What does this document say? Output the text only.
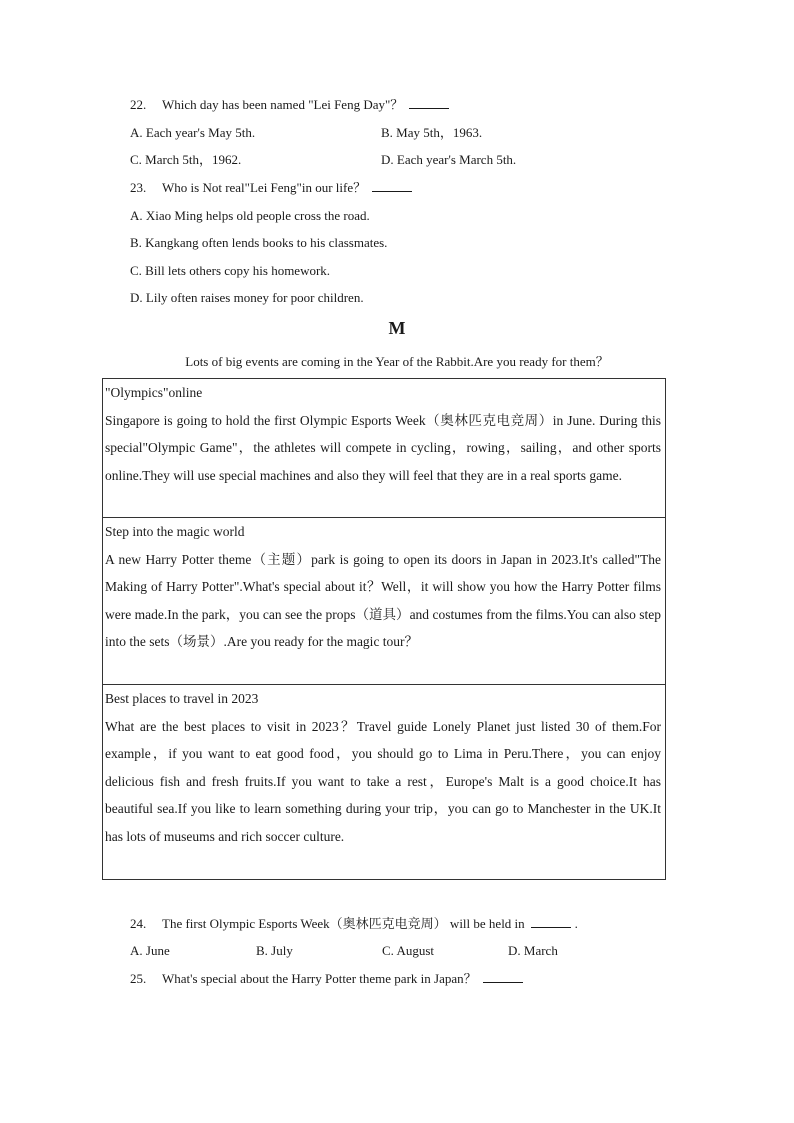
22. Which day has been named "Lei Feng Day"？
A. Each year's May 5th.	B. May 5th，1963.
C. March 5th，1962.	D. Each year's March 5th.
23. Who is Not real"Lei Feng"in our life？
A. Xiao Ming helps old people cross the road.
B. Kangkang often lends books to his classmates.
C. Bill lets others copy his homework.
D. Lily often raises money for poor children.
M
Lots of big events are coming in the Year of the Rabbit.Are you ready for them？
"Olympics"online
Singapore is going to hold the first Olympic Esports Week（奥林匹克电竞周）in June. During this special"Olympic Game"，the athletes will compete in cycling，rowing，sailing，and other sports online.They will use special machines and also they will feel that they are in a real sports game.

Step into the magic world
A new Harry Potter theme（主题）park is going to open its doors in Japan in 2023.It's called"The Making of Harry Potter".What's special about it？Well，it will show you how the Harry Potter films were made.In the park，you can see the props（道具）and costumes from the films.You can also step into the sets（场景）.Are you ready for the magic tour？

Best places to travel in 2023
What are the best places to visit in 2023？Travel guide Lonely Planet just listed 30 of them.For example，if you want to eat good food，you should go to Lima in Peru.There，you can enjoy delicious fish and fresh fruits.If you want to take a rest，Europe's Malt is a good choice.It has beautiful sea.If you like to learn something during your trip，you can go to Manchester in the UK.It has lots of museums and rich soccer culture.
24. The first Olympic Esports Week（奥林匹克电竞周） will be held in	.
A. June	B. July	C. August	D. March
25. What's special about the Harry Potter theme park in Japan？
